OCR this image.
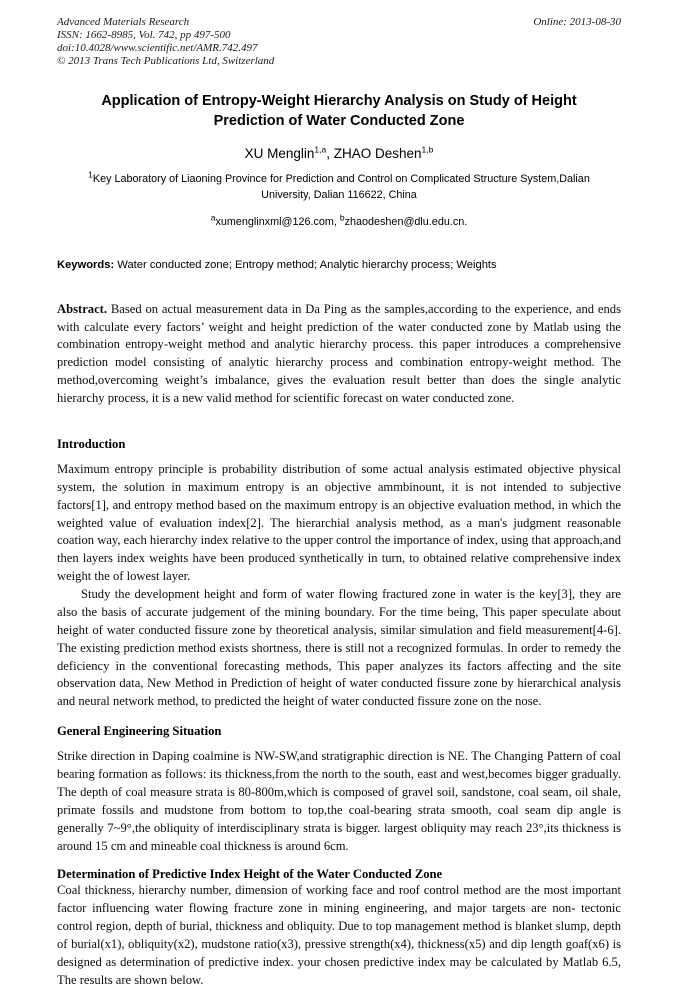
Advanced Materials Research
ISSN: 1662-8985, Vol. 742, pp 497-500
doi:10.4028/www.scientific.net/AMR.742.497
© 2013 Trans Tech Publications Ltd, Switzerland
Online: 2013-08-30
Application of Entropy-Weight Hierarchy Analysis on Study of Height Prediction of Water Conducted Zone
XU Menglin$^{1,a}$, ZHAO Deshen$^{1,b}$
$^1$Key Laboratory of Liaoning Province for Prediction and Control on Complicated Structure System,Dalian University, Dalian 116622, China
$^a$xumenglinxml@126.com, $^b$zhaodeshen@dlu.edu.cn.
Keywords: Water conducted zone; Entropy method; Analytic hierarchy process; Weights

Abstract. Based on actual measurement data in Da Ping as the samples,according to the experience, and ends with calculate every factors’ weight and height prediction of the water conducted zone by Matlab using the combination entropy-weight method and analytic hierarchy process. this paper introduces a comprehensive prediction model consisting of analytic hierarchy process and combination entropy-weight method. The method,overcoming weight’s imbalance, gives the evaluation result better than does the single analytic hierarchy process, it is a new valid method for scientific forecast on water conducted zone.

Introduction

Maximum entropy principle is probability distribution of some actual analysis estimated objective physical system, the solution in maximum entropy is an objective ammbinount, it is not intended to subjective factors[1], and entropy method based on the maximum entropy is an objective evaluation method, in which the weighted value of evaluation index[2]. The hierarchial analysis method, as a man's judgment reasonable coation way, each hierarchy index relative to the upper control the importance of index, using that approach,and then layers index weights have been produced synthetically in turn, to obtained relative comprehensive index weight the of lowest layer.

Study the development height and form of water flowing fractured zone in water is the key[3], they are also the basis of accurate judgement of the mining boundary. For the time being, This paper speculate about height of water conducted fissure zone by theoretical analysis, similar simulation and field measurement[4-6]. The existing prediction method exists shortness, there is still not a recognized formulas. In order to remedy the deficiency in the conventional forecasting methods, This paper analyzes its factors affecting and the site observation data, New Method in Prediction of height of water conducted fissure zone by hierarchical analysis and neural network method, to predicted the height of water conducted fissure zone on the nose.

General Engineering Situation

Strike direction in Daping coalmine is NW-SW,and stratigraphic direction is NE. The Changing Pattern of coal bearing formation as follows: its thickness,from the north to the south, east and west,becomes bigger gradually. The depth of coal measure strata is 80-800m,which is composed of gravel soil, sandstone, coal seam, oil shale, primate fossils and mudstone from bottom to top,the coal-bearing strata smooth, coal seam dip angle is generally 7~9°,the obliquity of interdisciplinary strata is bigger. largest obliquity may reach 23°,its thickness is around 15 cm and mineable coal thickness is around 6cm.

Determination of Predictive Index Height of the Water Conducted Zone

Coal thickness, hierarchy number, dimension of working face and roof control method are the most important factor influencing water flowing fracture zone in mining engineering, and major targets are non- tectonic control region, depth of burial, thickness and obliquity. Due to top management method is blanket slump, depth of burial(x1), obliquity(x2), mudstone ratio(x3), pressive strength(x4), thickness(x5) and dip length goaf(x6) is designed as determination of predictive index. your chosen predictive index may be calculated by Matlab 6.5, The results are shown below.
